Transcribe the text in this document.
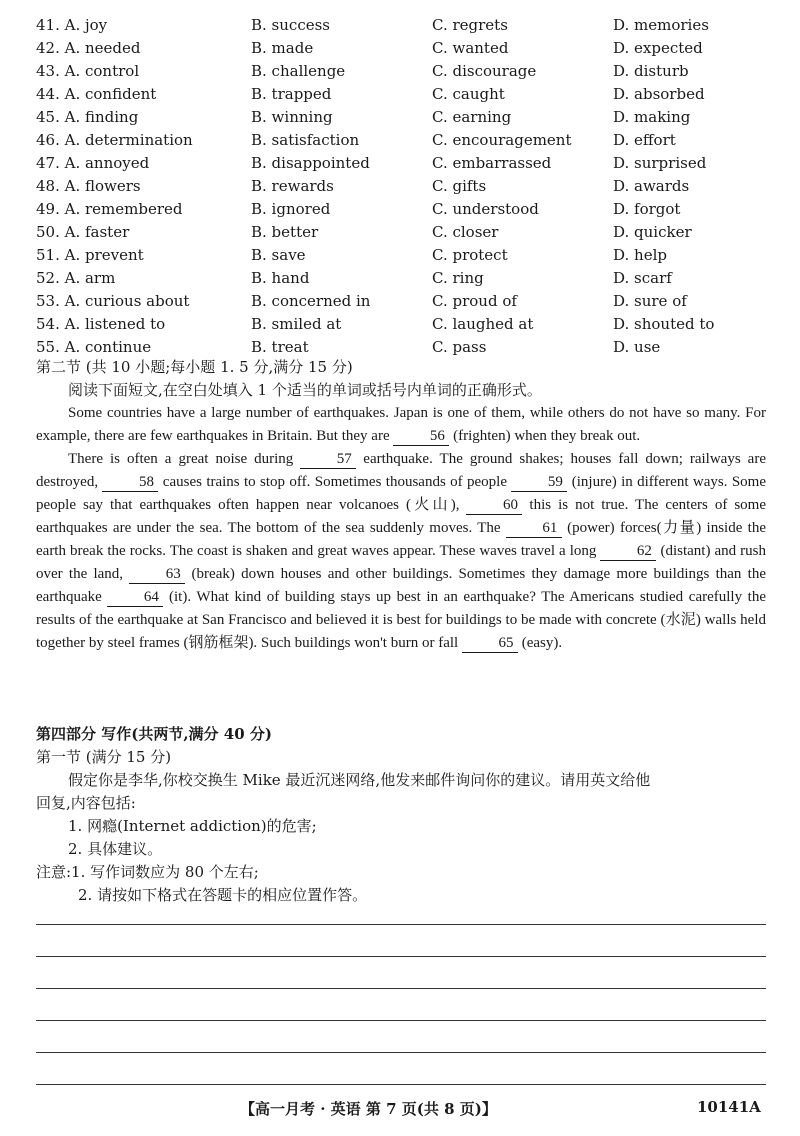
41. A. joy	B. success	C. regrets	D. memories
42. A. needed	B. made	C. wanted	D. expected
43. A. control	B. challenge	C. discourage	D. disturb
44. A. confident	B. trapped	C. caught	D. absorbed
45. A. finding	B. winning	C. earning	D. making
46. A. determination	B. satisfaction	C. encouragement	D. effort
47. A. annoyed	B. disappointed	C. embarrassed	D. surprised
48. A. flowers	B. rewards	C. gifts	D. awards
49. A. remembered	B. ignored	C. understood	D. forgot
50. A. faster	B. better	C. closer	D. quicker
51. A. prevent	B. save	C. protect	D. help
52. A. arm	B. hand	C. ring	D. scarf
53. A. curious about	B. concerned in	C. proud of	D. sure of
54. A. listened to	B. smiled at	C. laughed at	D. shouted to
55. A. continue	B. treat	C. pass	D. use
第二节 (共 10 小题;每小题 1. 5 分,满分 15 分)
阅读下面短文,在空白处填入 1 个适当的单词或括号内单词的正确形式。

Some countries have a large number of earthquakes. Japan is one of them, while others do not have so many. For example, there are few earthquakes in Britain. But they are 56 (frighten) when they break out.

There is often a great noise during 57 earthquake. The ground shakes; houses fall down; railways are destroyed, 58 causes trains to stop off. Sometimes thousands of people 59 (injure) in different ways. Some people say that earthquakes often happen near volcanoes (火山), 60 this is not true. The centers of some earthquakes are under the sea. The bottom of the sea suddenly moves. The 61 (power) forces(力量) inside the earth break the rocks. The coast is shaken and great waves appear. These waves travel a long 62 (distant) and rush over the land, 63 (break) down houses and other buildings. Sometimes they damage more buildings than the earthquake 64 (it). What kind of building stays up best in an earthquake? The Americans studied carefully the results of the earthquake at San Francisco and believed it is best for buildings to be made with concrete (水泥) walls held together by steel frames (钢筋框架). Such buildings won't burn or fall 65 (easy).

第四部分 写作(共两节,满分 40 分)
第一节 (满分 15 分)
假定你是李华,你校交换生 Mike 最近沉迷网络,他发来邮件询问你的建议。请用英文给他
回复,内容包括:
1. 网瘾(Internet addiction)的危害;
2. 具体建议。
注意:1. 写作词数应为 80 个左右;
2. 请按如下格式在答题卡的相应位置作答。
【高一月考 · 英语 第 7 页(共 8 页)】	10141A
